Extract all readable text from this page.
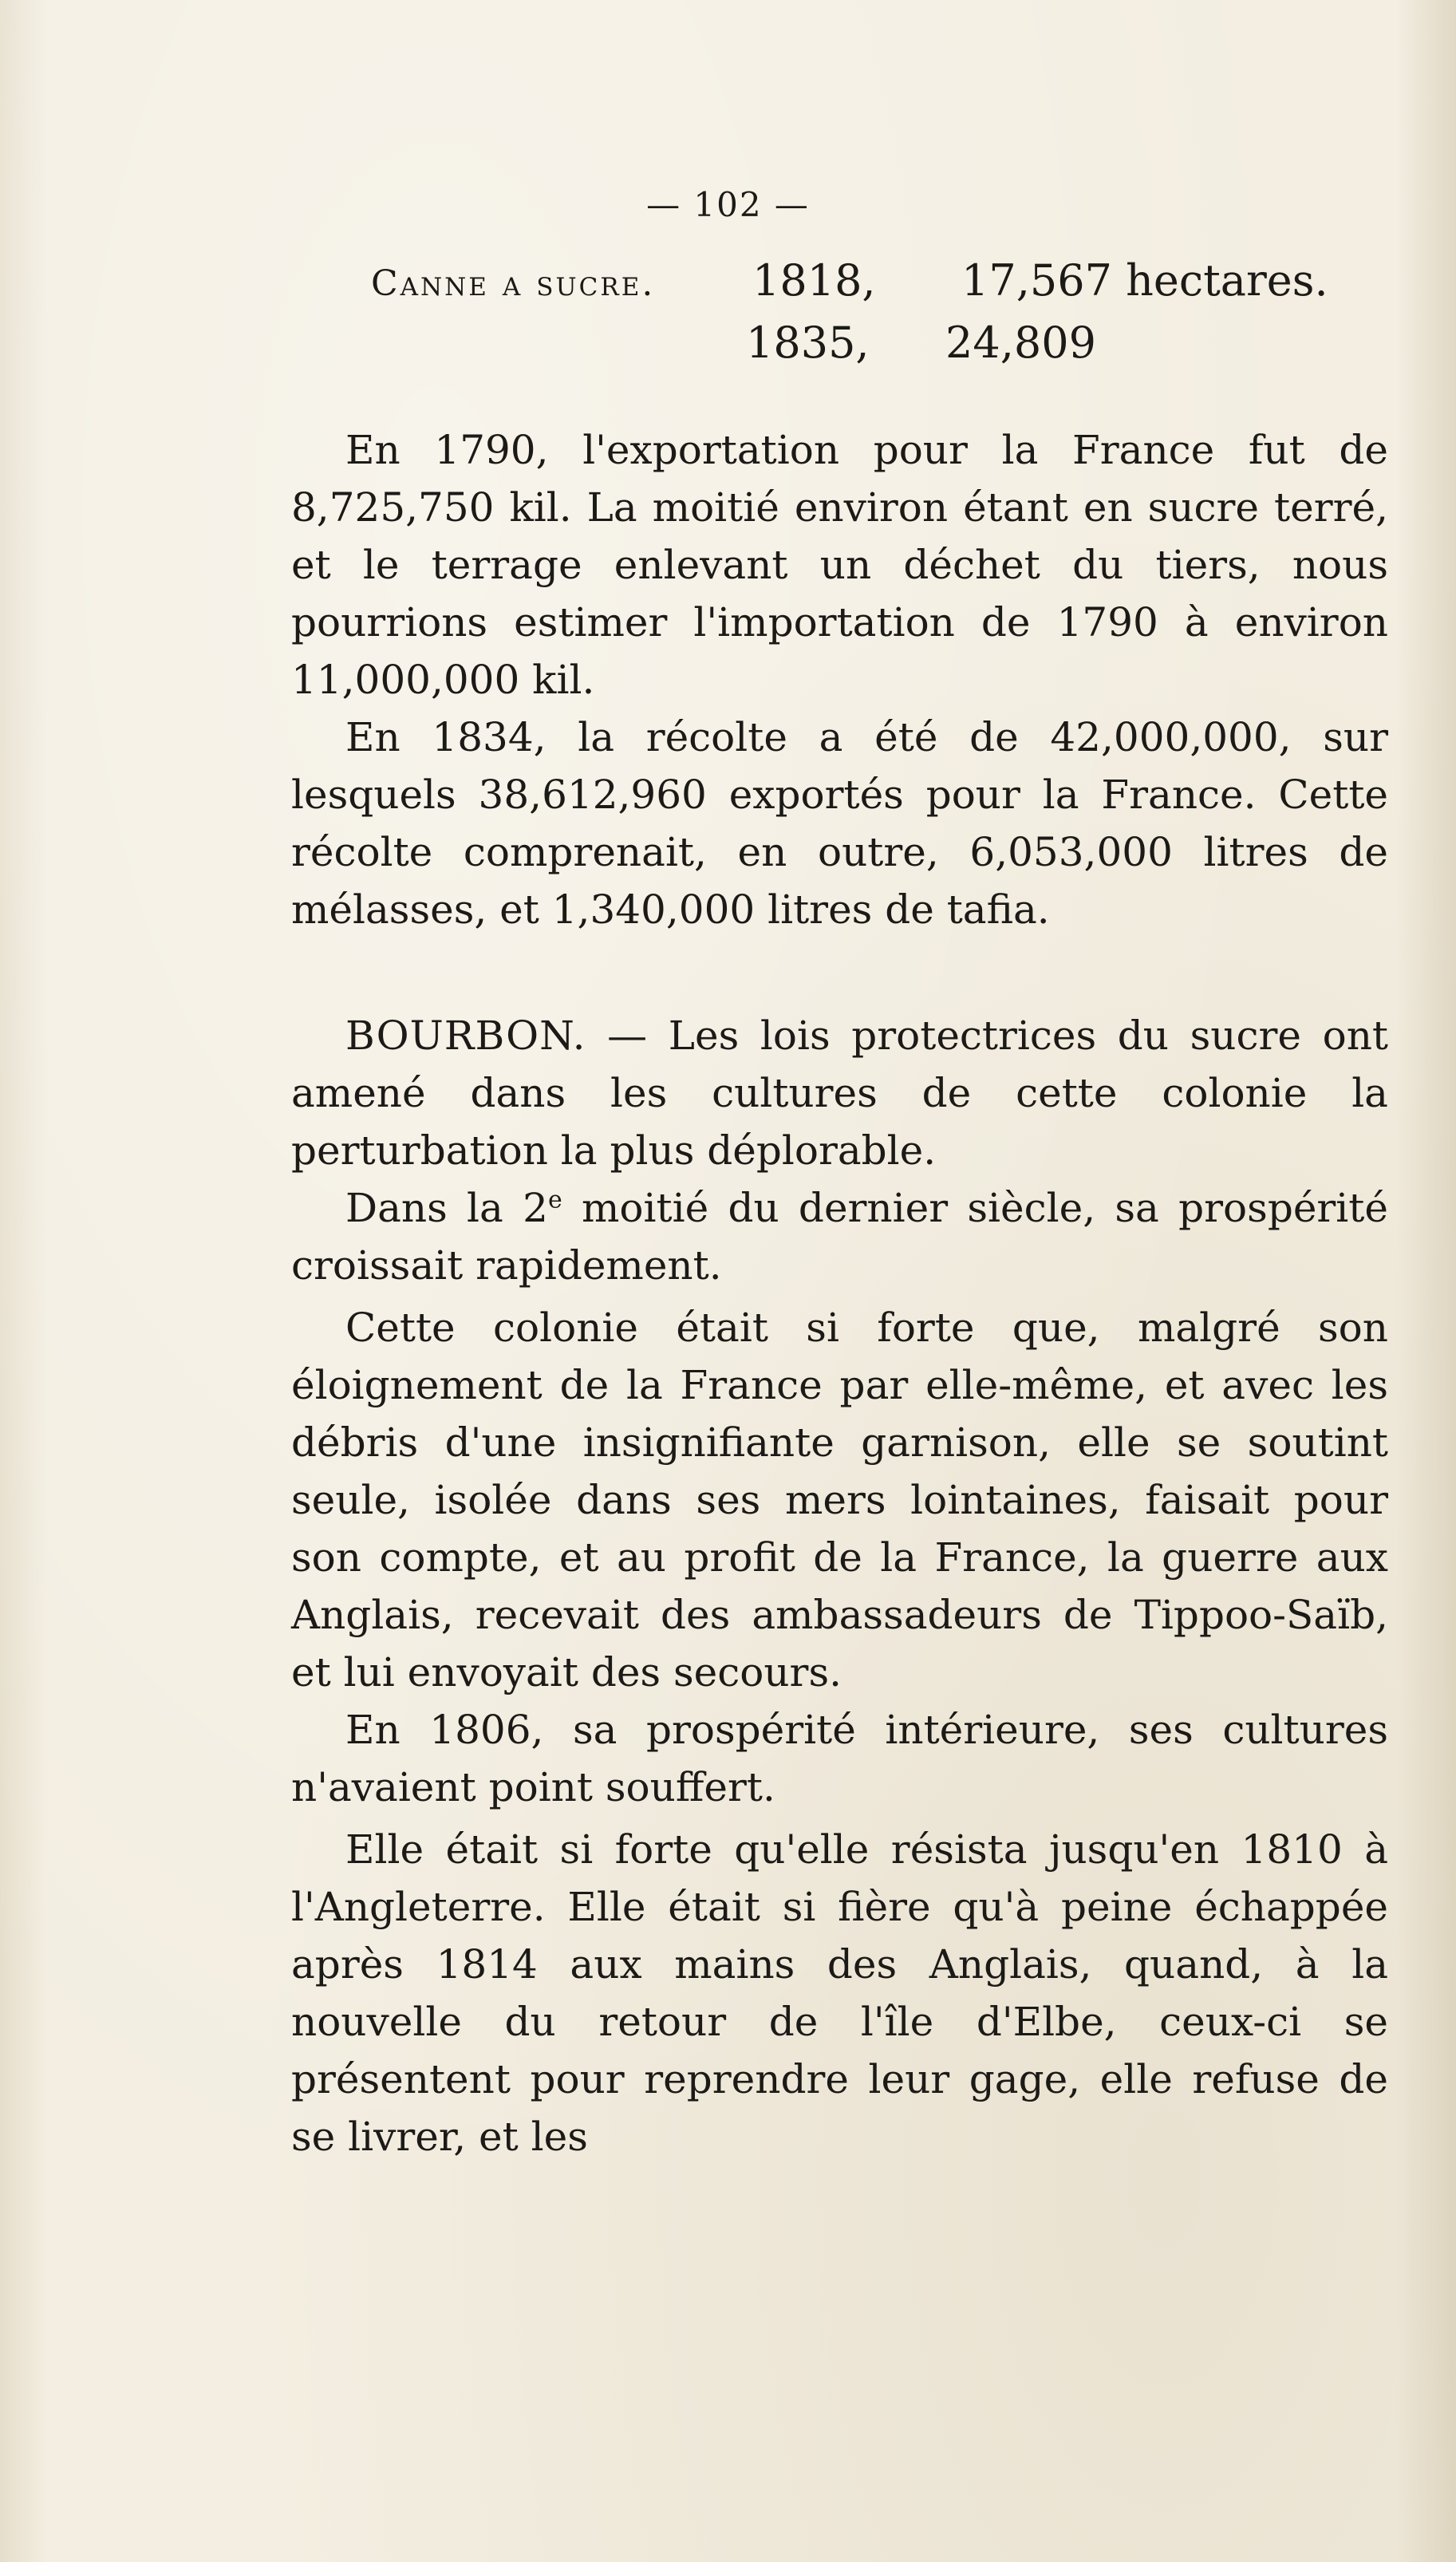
— 102 —
Canne a sucre. 1818, 17,567 hectares.
1835, 24,809

En 1790, l'exportation pour la France fut de 8,725,750 kil. La moitié environ étant en sucre terré, et le terrage enlevant un déchet du tiers, nous pourrions estimer l'importation de 1790 à environ 11,000,000 kil.

En 1834, la récolte a été de 42,000,000, sur lesquels 38,612,960 exportés pour la France. Cette récolte comprenait, en outre, 6,053,000 litres de mélasses, et 1,340,000 litres de tafia.

BOURBON. — Les lois protectrices du sucre ont amené dans les cultures de cette colonie la perturbation la plus déplorable.

Dans la 2e moitié du dernier siècle, sa prospérité croissait rapidement.

Cette colonie était si forte que, malgré son éloignement de la France par elle-même, et avec les débris d'une insignifiante garnison, elle se soutint seule, isolée dans ses mers lointaines, faisait pour son compte, et au profit de la France, la guerre aux Anglais, recevait des ambassadeurs de Tippoo-Saïb, et lui envoyait des secours.

En 1806, sa prospérité intérieure, ses cultures n'avaient point souffert.

Elle était si forte qu'elle résista jusqu'en 1810 à l'Angleterre. Elle était si fière qu'à peine échappée après 1814 aux mains des Anglais, quand, à la nouvelle du retour de l'île d'Elbe, ceux-ci se présentent pour reprendre leur gage, elle refuse de se livrer, et les
